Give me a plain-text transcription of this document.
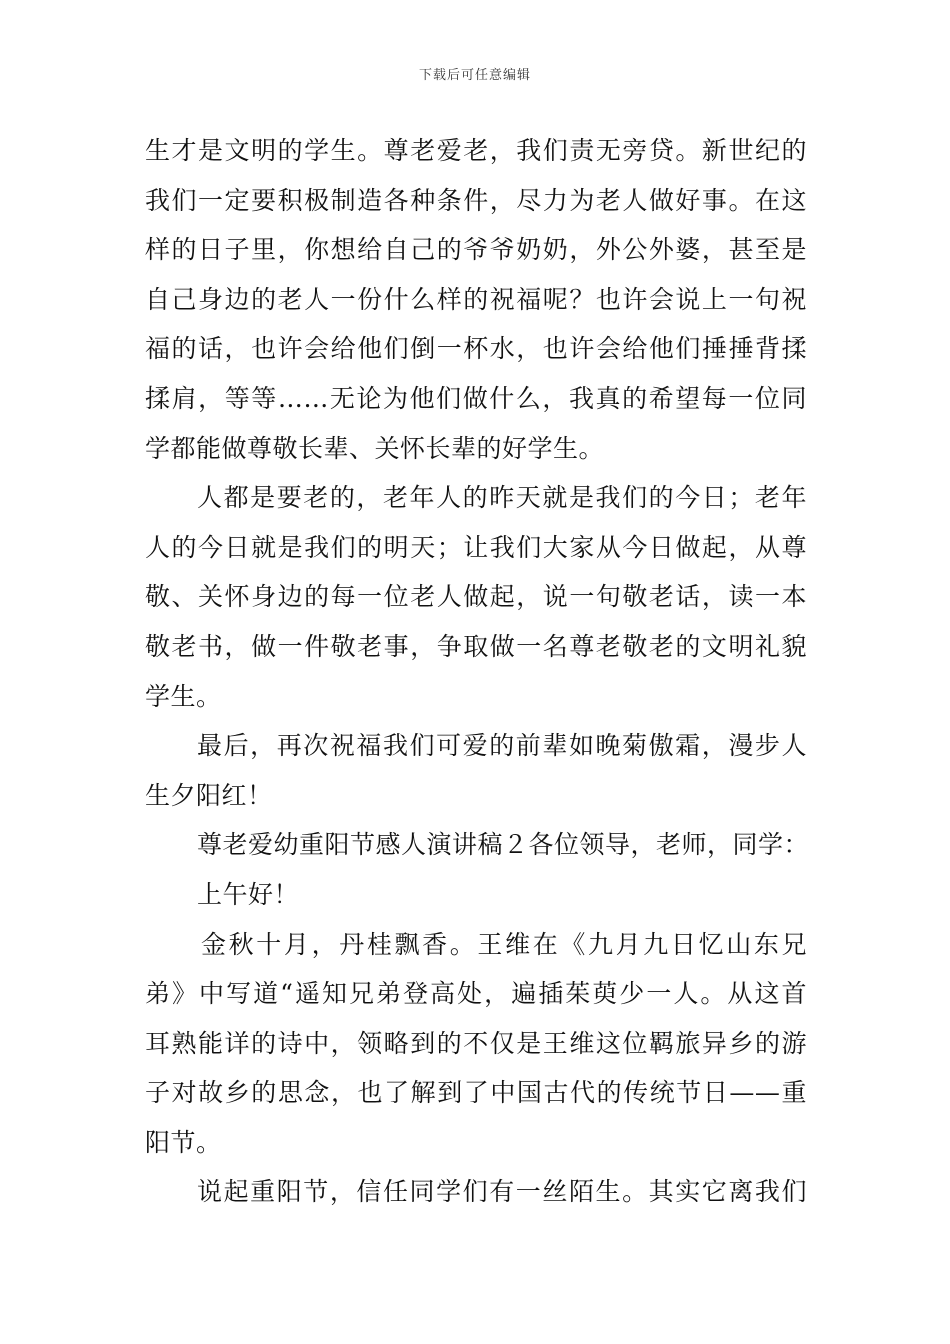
下载后可任意编辑
生才是文明的学生。尊老爱老，我们责无旁贷。新世纪的
我们一定要积极制造各种条件，尽力为老人做好事。在这
样的日子里，你想给自己的爷爷奶奶，外公外婆，甚至是
自己身边的老人一份什么样的祝福呢？也许会说上一句祝
福的话，也许会给他们倒一杯水，也许会给他们捶捶背揉
揉肩，等等……无论为他们做什么，我真的希望每一位同
学都能做尊敬长辈、关怀长辈的好学生。
人都是要老的，老年人的昨天就是我们的今日；老年
人的今日就是我们的明天；让我们大家从今日做起，从尊
敬、关怀身边的每一位老人做起，说一句敬老话，读一本
敬老书，做一件敬老事，争取做一名尊老敬老的文明礼貌
学生。
最后，再次祝福我们可爱的前辈如晚菊傲霜，漫步人
生夕阳红！
尊老爱幼重阳节感人演讲稿２各位领导，老师，同学：
上午好！
金秋十月，丹桂飘香。王维在《九月九日忆山东兄
弟》中写道“遥知兄弟登高处，遍插茱萸少一人。从这首
耳熟能详的诗中，领略到的不仅是王维这位羁旅异乡的游
子对故乡的思念，也了解到了中国古代的传统节日——重
阳节。
说起重阳节，信任同学们有一丝陌生。其实它离我们
